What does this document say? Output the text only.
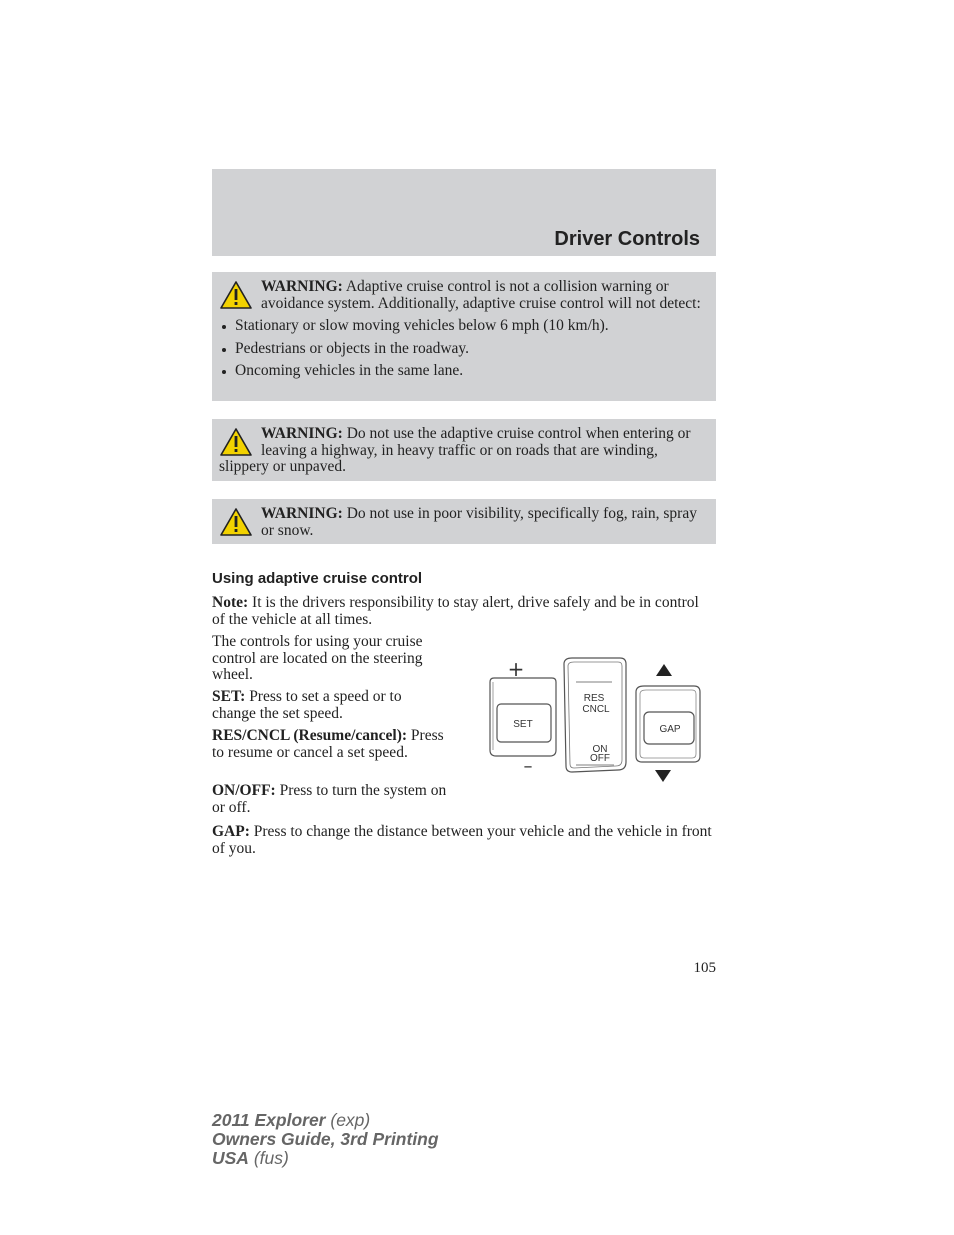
Driver Controls
WARNING: Adaptive cruise control is not a collision warning or avoidance system. Additionally, adaptive cruise control will not detect:
Stationary or slow moving vehicles below 6 mph (10 km/h).
Pedestrians or objects in the roadway.
Oncoming vehicles in the same lane.
WARNING: Do not use the adaptive cruise control when entering or leaving a highway, in heavy traffic or on roads that are winding, slippery or unpaved.
WARNING: Do not use in poor visibility, specifically fog, rain, spray or snow.
Using adaptive cruise control
Note: It is the drivers responsibility to stay alert, drive safely and be in control of the vehicle at all times.
The controls for using your cruise control are located on the steering wheel.
SET: Press to set a speed or to change the set speed.
RES/CNCL (Resume/cancel): Press to resume or cancel a set speed.
ON/OFF: Press to turn the system on or off.
GAP: Press to change the distance between your vehicle and the vehicle in front of you.
SET
+
–
RES
CNCL
ON
OFF
GAP
105
2011 Explorer (exp)
Owners Guide, 3rd Printing
USA (fus)
